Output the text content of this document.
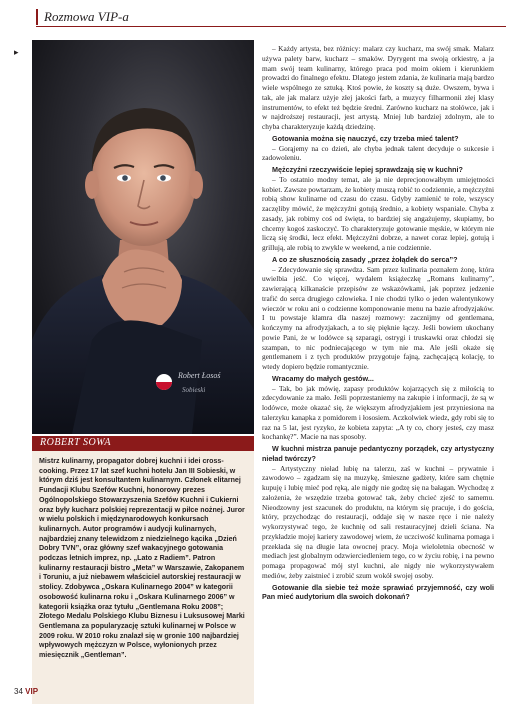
Rozmowa VIP-a
▸
Robert Łosoś
Sobieski
ROBERT SOWA
Mistrz kulinarny, propagator dobrej kuchni i idei cross-cooking. Przez 17 lat szef kuchni hotelu Jan III Sobieski, w którym dziś jest konsultantem kulinarnym. Członek elitarnej Fundacji Klubu Szefów Kuchni, honorowy prezes Ogólnopolskiego Stowarzyszenia Szefów Kuchni i Cukierni oraz były kucharz polskiej reprezentacji w piłce nożnej. Juror w wielu polskich i międzynarodowych konkursach kulinarnych. Autor programów i audycji kulinarnych, najbardziej znany telewidzom z niedzielnego kącika „Dzień Dobry TVN”, oraz główny szef wakacyjnego gotowania podczas letnich imprez, np. „Lato z Radiem”. Patron kulinarny restauracji bistro „Meta” w Warszawie, Zakopanem i Toruniu, a już niebawem właściciel autorskiej restauracji w stolicy. Zdobywca „Oskara Kulinarnego 2004” w kategorii osobowość kulinarna roku i „Oskara Kulinarnego 2006” w kategorii książka oraz tytułu „Gentlemana Roku 2008”; Złotego Medalu Polskiego Klubu Biznesu i Luksusowej Marki Gentlemana za popularyzację sztuki kulinarnej w Polsce w 2009 roku. W 2010 roku znalazł się w gronie 100 najbardziej wpływowych mężczyzn w Polsce, wyłonionych przez miesięcznik „Gentleman”.

– Każdy artysta, bez różnicy: malarz czy kucharz, ma swój smak. Malarz używa palety barw, kucharz – smaków. Dyrygent ma swoją orkiestrę, a ja mam swój team kulinarny, którego praca pod moim okiem i kierunkiem prowadzi do finalnego efektu. Dlatego jestem zdania, że kulinaria mają bardzo wiele wspólnego ze sztuką. Ktoś powie, że koszty są duże. Owszem, bywa i tak, ale jak malarz użyje złej jakości farb, a muzycy filharmonii złej klasy instrumentów, to efekt też będzie średni. Zarówno kucharz na stołówce, jak i w najdroższej restauracji, jest artystą. Mniej lub bardziej zdolnym, ale to chyba charakteryzuje każdą dziedzinę.

Gotowania można się nauczyć, czy trzeba mieć talent?

– Gorąjemy na co dzień, ale chyba jednak talent decyduje o sukcesie i zadowoleniu.

Mężczyźni rzeczywiście lepiej sprawdzają się w kuchni?

– To ostatnio modny temat, ale ja nie deprecjonowałbym umiejętności kobiet. Zawsze powtarzam, że kobiety muszą robić to codziennie, a mężczyźni robią show kulinarne od czasu do czasu. Gdyby zamienić te role, wszyscy zaczęliby mówić, że mężczyźni gotują średnio, a kobiety wspaniale. Chyba z zasady, jak robimy coś od święta, to bardziej się angażujemy, skupiamy, bo chcemy kogoś zaskoczyć. To charakteryzuje gotowanie męskie, w którym nie liczą się środki, lecz efekt. Mężczyźni dobrze, a nawet coraz lepiej, gotują i grillują, ale robią to zwykle w weekend, a nie codziennie.

A co ze słusznością zasady „przez żołądek do serca”?

– Zdecydowanie się sprawdza. Sam przez kulinaria poznałem żonę, która uwielbia jeść. Co więcej, wydałem książeczkę „Romans kulinarny”, zawierającą kilkanaście przepisów ze wskazówkami, jak poprzez jedzenie trafić do serca drugiego człowieka. I nie chodzi tylko o jeden walentynkowy wieczór w roku ani o codzienne komponowanie menu na bazie afrodyzjaków. I tu powstaje klamra dla naszej rozmowy: zacznijmy od gentlemana, kończymy na afrodyzjakach, a to się pięknie łączy. Jeśli bowiem ukochany powie Pani, że w lodówce są szparagi, ostrygi i truskawki oraz chłodzi się szampan, to nic podniecającego w tym nie ma. Ale jeśli okaże się gentlemanem i z tych produktów przygotuje fajną, zachęcającą kolację, to wtedy dopiero będzie romantycznie.

Wracamy do małych gestów...

– Tak, bo jak mówię, zapasy produktów kojarzących się z miłością to zdecydowanie za mało. Jeśli poprzestaniemy na zakupie i informacji, że są w lodówce, może okazać się, że większym afrodyzjakiem jest przyniesiona na talerzyku kanapka z pomidorem i łososiem. Aczkolwiek wiedz, gdy robi się to raz na 5 lat, jest ryzyko, że kobieta zapyta: „A ty co, chory jesteś, czy masz kochankę?”. Macie na nas sposoby.

W kuchni mistrza panuje pedantyczny porządek, czy artystyczny nieład twórczy?

– Artystyczny nieład lubię na talerzu, zaś w kuchni – prywatnie i zawodowo – zgadzam się na muzykę, śmieszne gadżety, które sam chętnie kupuję i lubię mieć pod ręką, ale nigdy nie godzę się na bałagan. Wychodzę z założenia, że wszędzie trzeba gotować tak, żeby chcieć zjeść to samemu. Nieodzowny jest szacunek do produktu, na którym się pracuje, i do gościa, który, przychodząc do restauracji, oddaje się w nasze ręce i nie należy wykorzystywać tego, że kuchnię od sali restauracyjnej dzieli ściana. Na przykładzie mojej kariery zawodowej wiem, że uczciwość kulinarna pomaga i przekłada się na długie lata owocnej pracy. Moja wieloletnia obecność w mediach jest globalnym odzwierciedleniem tego, co w życiu robię, i na pewno pomaga propagować mój styl kuchni, ale nigdy nie wykorzystywałem mediów, żeby zaistnieć i zrobić szum wokół swojej osoby.

Gotowanie dla siebie też może sprawiać przyjemność, czy woli Pan mieć audytorium dla swoich dokonań?

34 VIP
